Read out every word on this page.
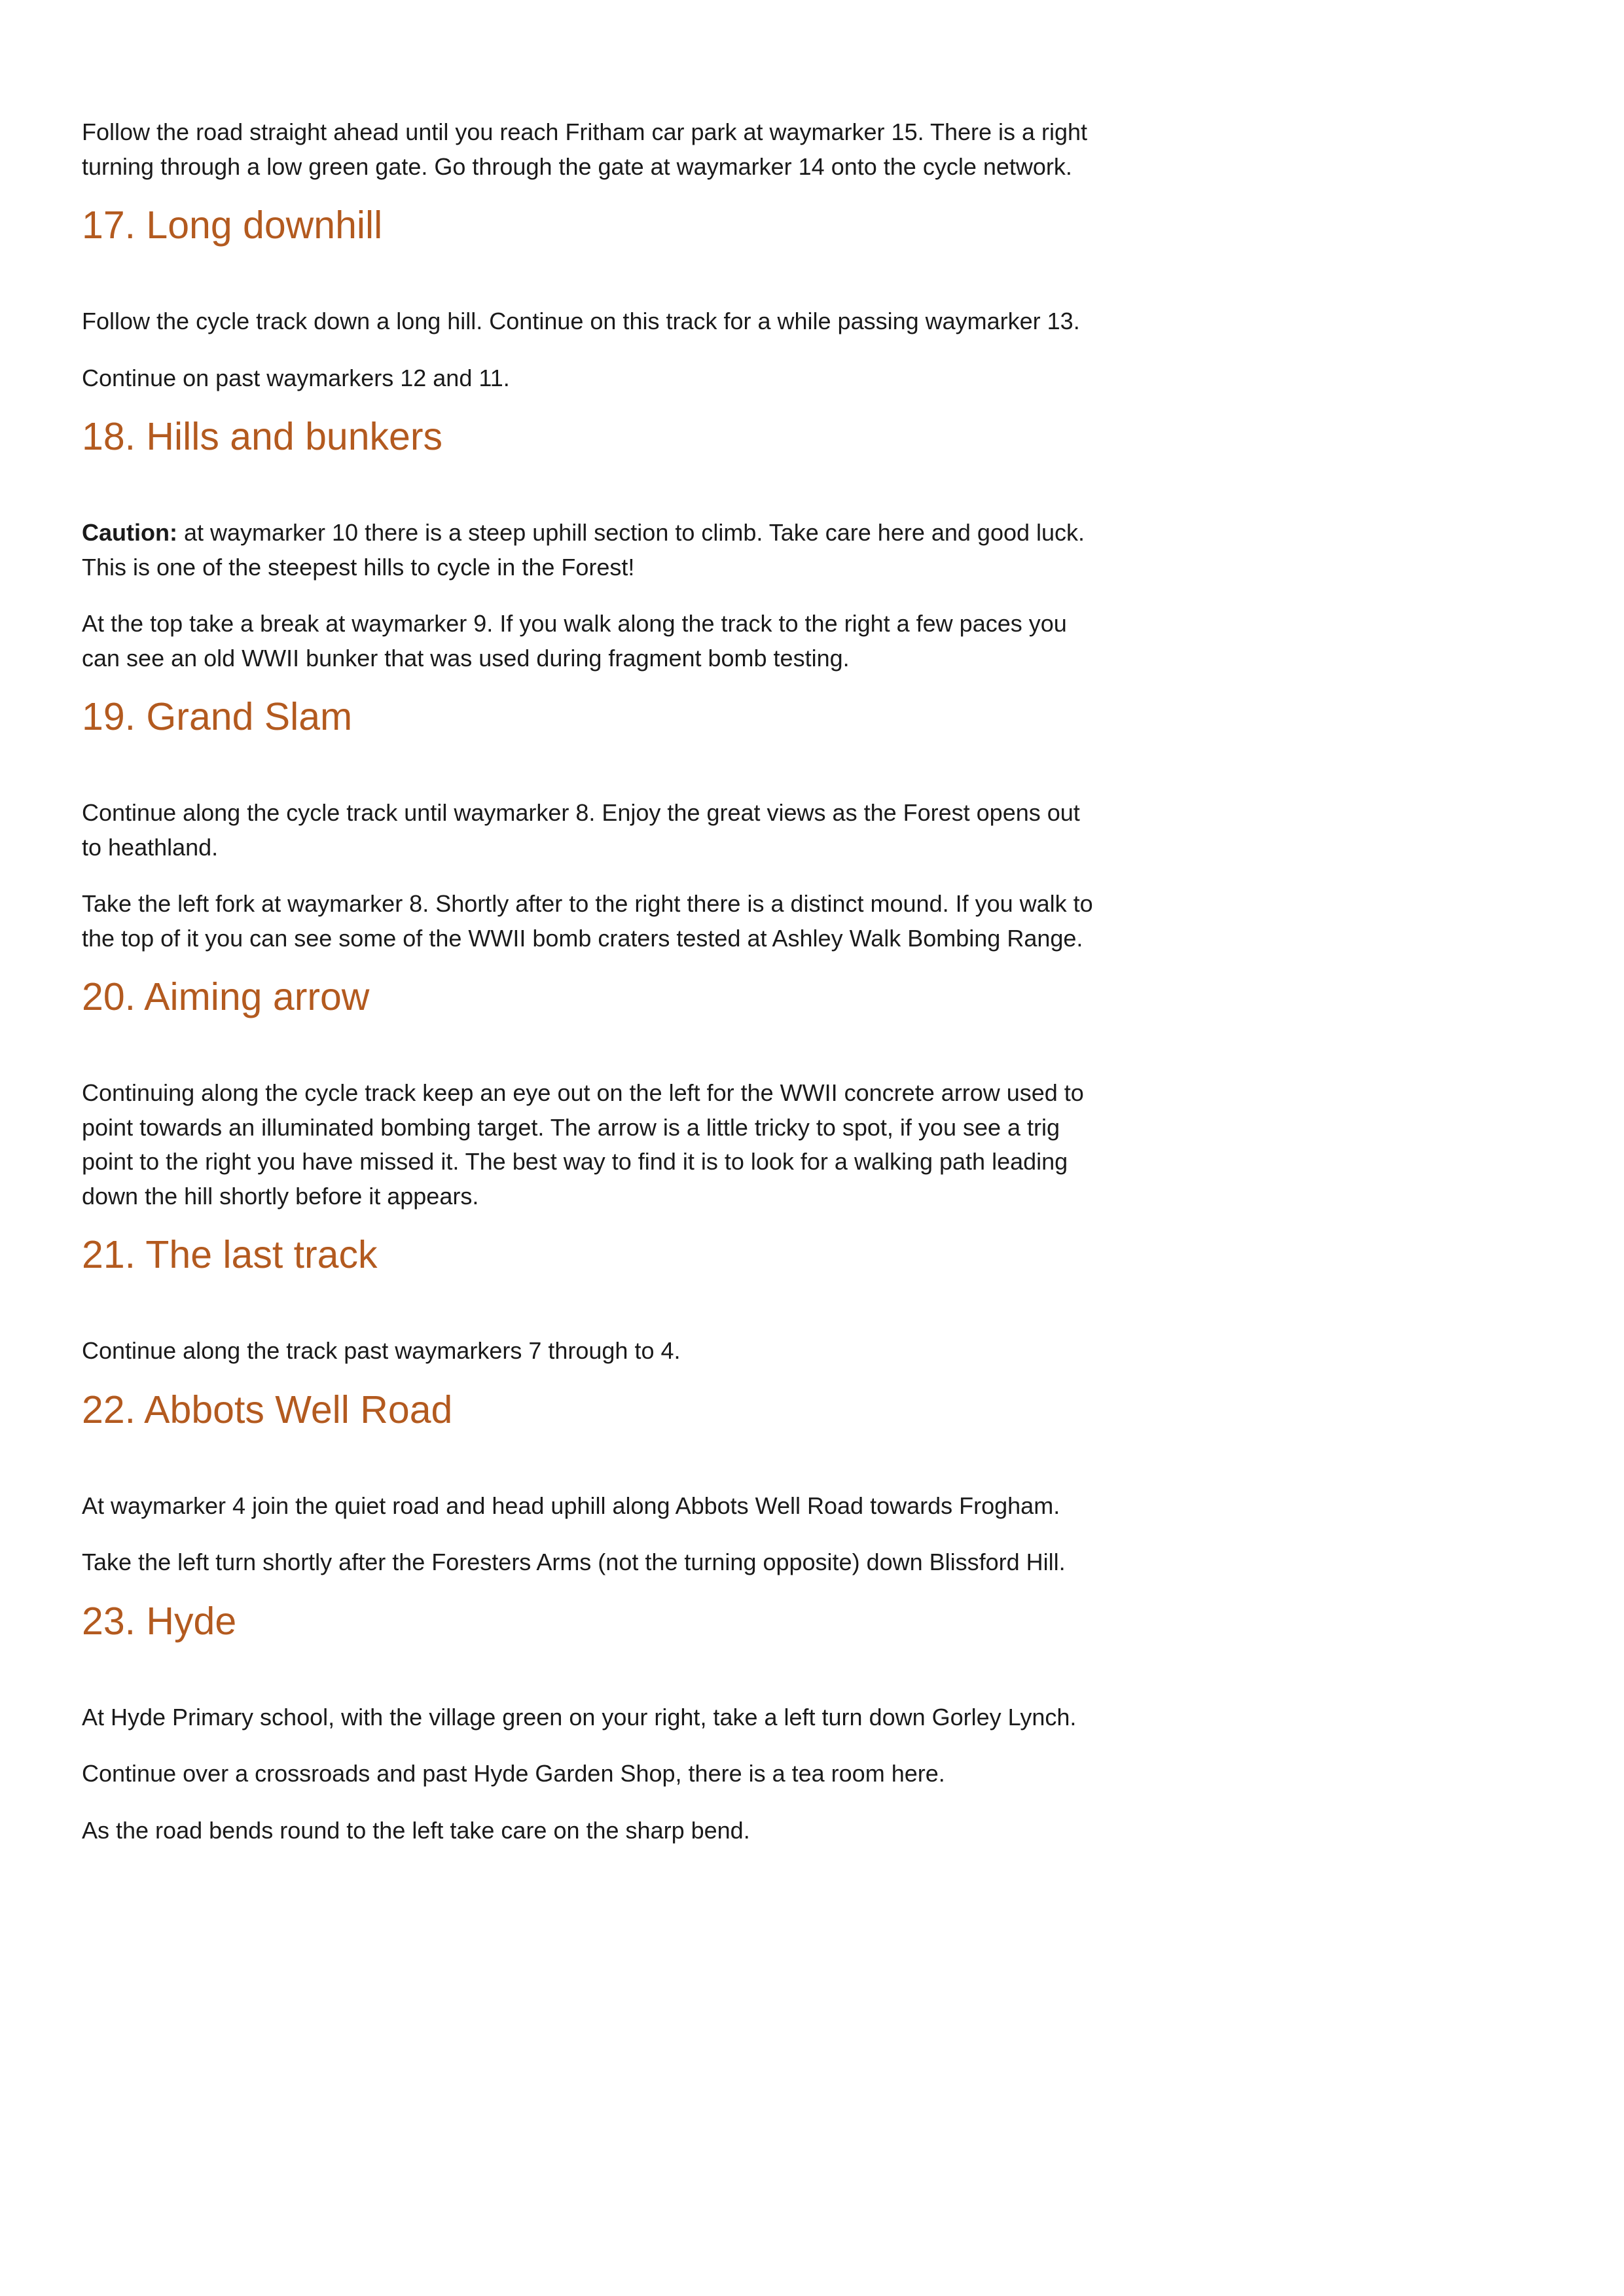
Follow the road straight ahead until you reach Fritham car park at waymarker 15. There is a right turning through a low green gate. Go through the gate at waymarker 14 onto the cycle network.

17. Long downhill

Follow the cycle track down a long hill. Continue on this track for a while passing waymarker 13.

Continue on past waymarkers 12 and 11.

18. Hills and bunkers

Caution: at waymarker 10 there is a steep uphill section to climb. Take care here and good luck. This is one of the steepest hills to cycle in the Forest!

At the top take a break at waymarker 9. If you walk along the track to the right a few paces you can see an old WWII bunker that was used during fragment bomb testing.

19. Grand Slam

Continue along the cycle track until waymarker 8. Enjoy the great views as the Forest opens out to heathland.

Take the left fork at waymarker 8. Shortly after to the right there is a distinct mound. If you walk to the top of it you can see some of the WWII bomb craters tested at Ashley Walk Bombing Range.

20. Aiming arrow

Continuing along the cycle track keep an eye out on the left for the WWII concrete arrow used to point towards an illuminated bombing target. The arrow is a little tricky to spot, if you see a trig point to the right you have missed it. The best way to find it is to look for a walking path leading down the hill shortly before it appears.

21. The last track

Continue along the track past waymarkers 7 through to 4.

22. Abbots Well Road

At waymarker 4 join the quiet road and head uphill along Abbots Well Road towards Frogham.

Take the left turn shortly after the Foresters Arms (not the turning opposite) down Blissford Hill.

23. Hyde

At Hyde Primary school, with the village green on your right, take a left turn down Gorley Lynch.

Continue over a crossroads and past Hyde Garden Shop, there is a tea room here.

As the road bends round to the left take care on the sharp bend.
